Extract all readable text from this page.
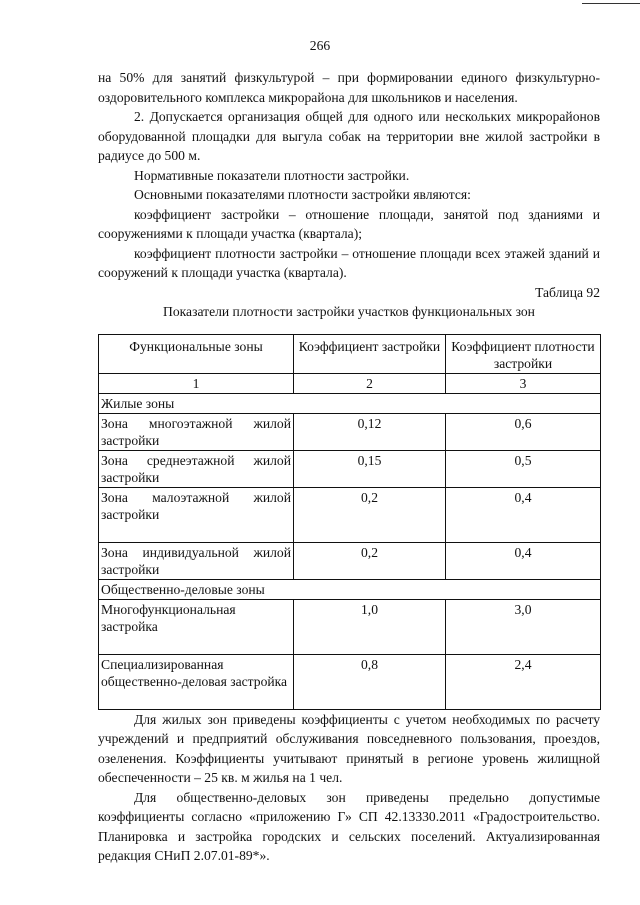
266

на 50% для занятий физкультурой – при формировании единого физкультурно-оздоровительного комплекса микрорайона для школьников и населения.

2. Допускается организация общей для одного или нескольких микрорайонов оборудованной площадки для выгула собак на территории вне жилой застройки в радиусе до 500 м.

Нормативные показатели плотности застройки.

Основными показателями плотности застройки являются:

коэффициент застройки – отношение площади, занятой под зданиями и сооружениями к площади участка (квартала);

коэффициент плотности застройки – отношение площади всех этажей зданий и сооружений к площади участка (квартала).

Таблица 92

Показатели плотности застройки участков функциональных зон

Функциональные зоны	Коэффициент застройки	Коэффициент плотности застройки
1	2	3
Жилые зоны		
Зона многоэтажной жилой застройки	0,12	0,6
Зона среднеэтажной жилой застройки	0,15	0,5
Зона малоэтажной жилой застройки	0,2	0,4
Зона индивидуальной жилой застройки	0,2	0,4
Общественно-деловые зоны		
Многофункциональная застройка	1,0	3,0
Специализированная общественно-деловая застройка	0,8	2,4

Для жилых зон приведены коэффициенты с учетом необходимых по расчету учреждений и предприятий обслуживания повседневного пользования, проездов, озеленения. Коэффициенты учитывают принятый в регионе уровень жилищной обеспеченности – 25 кв. м жилья на 1 чел.

Для общественно-деловых зон приведены предельно допустимые коэффициенты согласно «приложению Г» СП 42.13330.2011 «Градостроительство. Планировка и застройка городских и сельских поселений. Актуализированная редакция СНиП 2.07.01-89*».
